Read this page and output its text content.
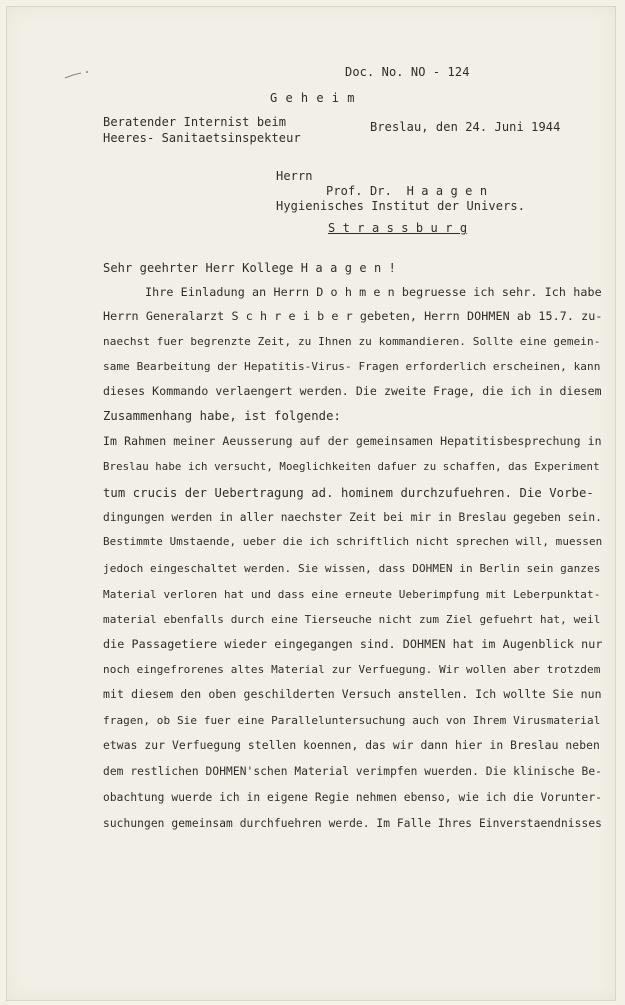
Doc. No. NO - 124
G e h e i m
Beratender Internist beim
Heeres- Sanitaetsinspekteur
Breslau, den 24. Juni 1944
Herrn
Prof. Dr.  H a a g e n
Hygienisches Institut der Univers.
S t r a s s b u r g
Sehr geehrter Herr Kollege H a a g e n !
Ihre Einladung an Herrn D o h m e n begruesse ich sehr. Ich habe
Herrn Generalarzt S c h r e i b e r gebeten, Herrn DOHMEN ab 15.7. zu-
naechst fuer begrenzte Zeit, zu Ihnen zu kommandieren. Sollte eine gemein-
same Bearbeitung der Hepatitis-Virus- Fragen erforderlich erscheinen, kann
dieses Kommando verlaengert werden. Die zweite Frage, die ich in diesem
Zusammenhang habe, ist folgende:
Im Rahmen meiner Aeusserung auf der gemeinsamen Hepatitisbesprechung in
Breslau habe ich versucht, Moeglichkeiten dafuer zu schaffen, das Experiment
tum crucis der Uebertragung ad. hominem durchzufuehren. Die Vorbe-
dingungen werden in aller naechster Zeit bei mir in Breslau gegeben sein.
Bestimmte Umstaende, ueber die ich schriftlich nicht sprechen will, muessen
jedoch eingeschaltet werden. Sie wissen, dass DOHMEN in Berlin sein ganzes
Material verloren hat und dass eine erneute Ueberimpfung mit Leberpunktat-
material ebenfalls durch eine Tierseuche nicht zum Ziel gefuehrt hat, weil
die Passagetiere wieder eingegangen sind. DOHMEN hat im Augenblick nur
noch eingefrorenes altes Material zur Verfuegung. Wir wollen aber trotzdem
mit diesem den oben geschilderten Versuch anstellen. Ich wollte Sie nun
fragen, ob Sie fuer eine Paralleluntersuchung auch von Ihrem Virusmaterial
etwas zur Verfuegung stellen koennen, das wir dann hier in Breslau neben
dem restlichen DOHMEN'schen Material verimpfen wuerden. Die klinische Be-
obachtung wuerde ich in eigene Regie nehmen ebenso, wie ich die Vorunter-
suchungen gemeinsam durchfuehren werde. Im Falle Ihres Einverstaendnisses
